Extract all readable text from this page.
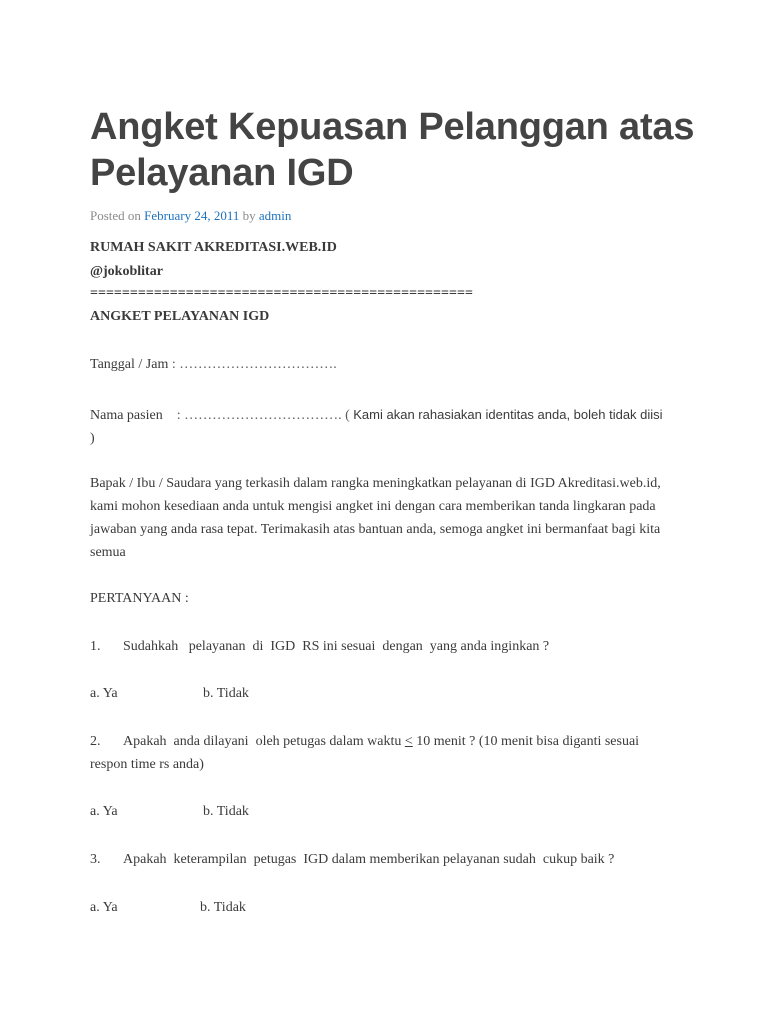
Angket Kepuasan Pelanggan atas Pelayanan IGD
Posted on February 24, 2011 by admin
RUMAH SAKIT AKREDITASI.WEB.ID
@jokoblitar
================================================
ANGKET PELAYANAN IGD
Tanggal / Jam : …………………………….
Nama pasien : ……………………………. ( Kami akan rahasiakan identitas anda, boleh tidak diisi
)
Bapak / Ibu / Saudara yang terkasih dalam rangka meningkatkan pelayanan di IGD Akreditasi.web.id, kami mohon kesediaan anda untuk mengisi angket ini dengan cara memberikan tanda lingkaran pada jawaban yang anda rasa tepat. Terimakasih atas bantuan anda, semoga angket ini bermanfaat bagi kita semua
PERTANYAAN :
1. Sudahkah   pelayanan  di  IGD  RS ini sesuai  dengan  yang anda inginkan ?
a. Ya	b. Tidak
2. Apakah  anda dilayani  oleh petugas dalam waktu ≤ 10 menit ? (10 menit bisa diganti sesuai
respon time rs anda)
a. Ya	b. Tidak
3. Apakah  keterampilan  petugas  IGD dalam memberikan pelayanan sudah  cukup baik ?
a. Ya	b. Tidak
